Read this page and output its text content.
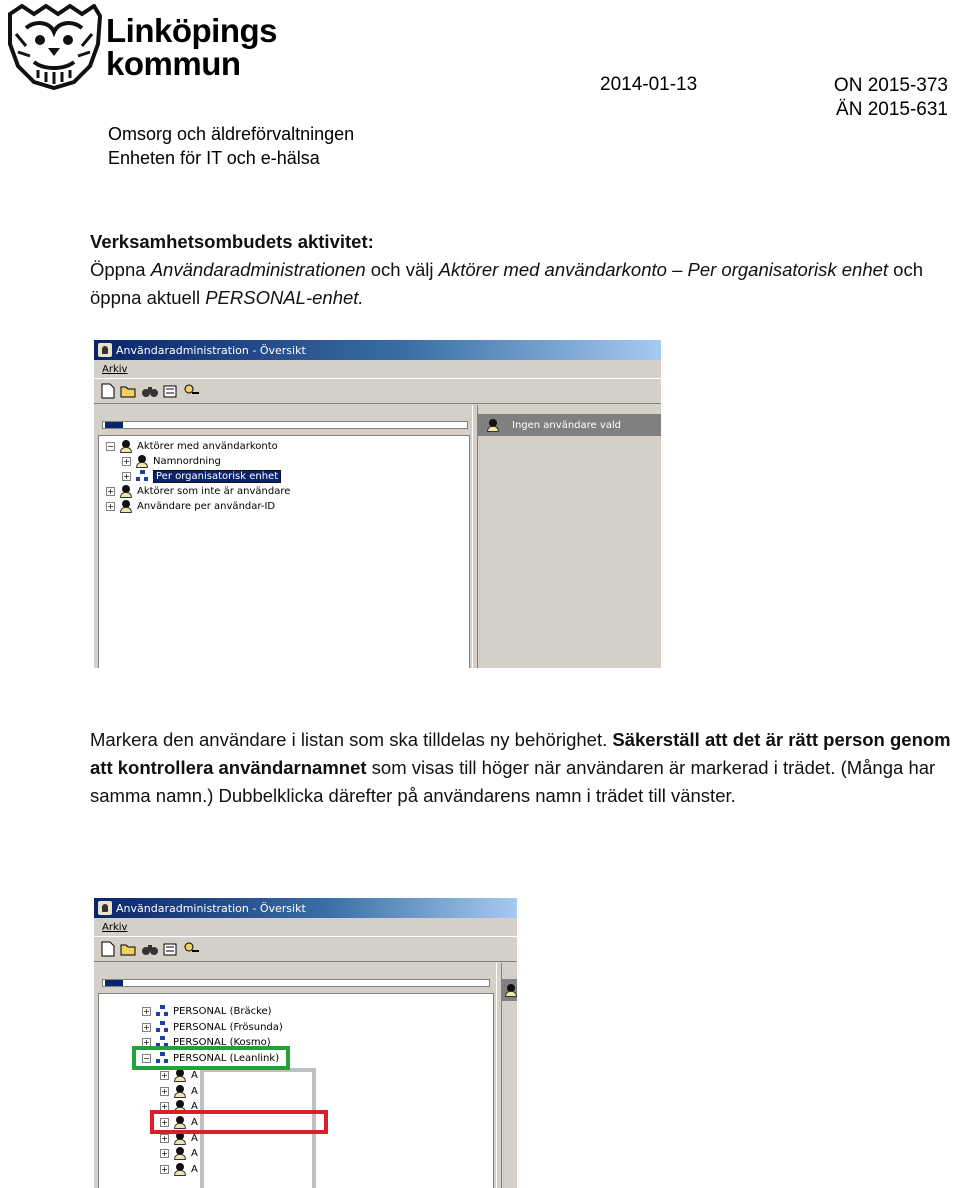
Linköpings
kommun
2014-01-13	ON 2015-373
ÄN 2015-631
Omsorg och äldreförvaltningen
Enheten för IT och e-hälsa
Verksamhetsombudets aktivitet:
Öppna Användaradministrationen och välj Aktörer med användarkonto – Per organisatorisk enhet och öppna aktuell PERSONAL-enhet.
Användaradministration - Översikt
Arkiv
Ingen användare vald
− Aktörer med användarkonto
+ Namnordning
+	Per organisatorisk enhet
+ Aktörer som inte är användare
+ Användare per användar-ID
Markera den användare i listan som ska tilldelas ny behörighet. Säkerställ att det är rätt person genom att kontrollera användarnamnet som visas till höger när användaren är markerad i trädet. (Många har samma namn.) Dubbelklicka därefter på användarens namn i trädet till vänster.
Användaradministration - Översikt
Arkiv
+ PERSONAL (Bräcke)
+ PERSONAL (Frösunda)
+ PERSONAL (Kosmo)
− PERSONAL (Leanlink)
+ A
+ A
+ A
+ A
+ A
+ A
+ A
